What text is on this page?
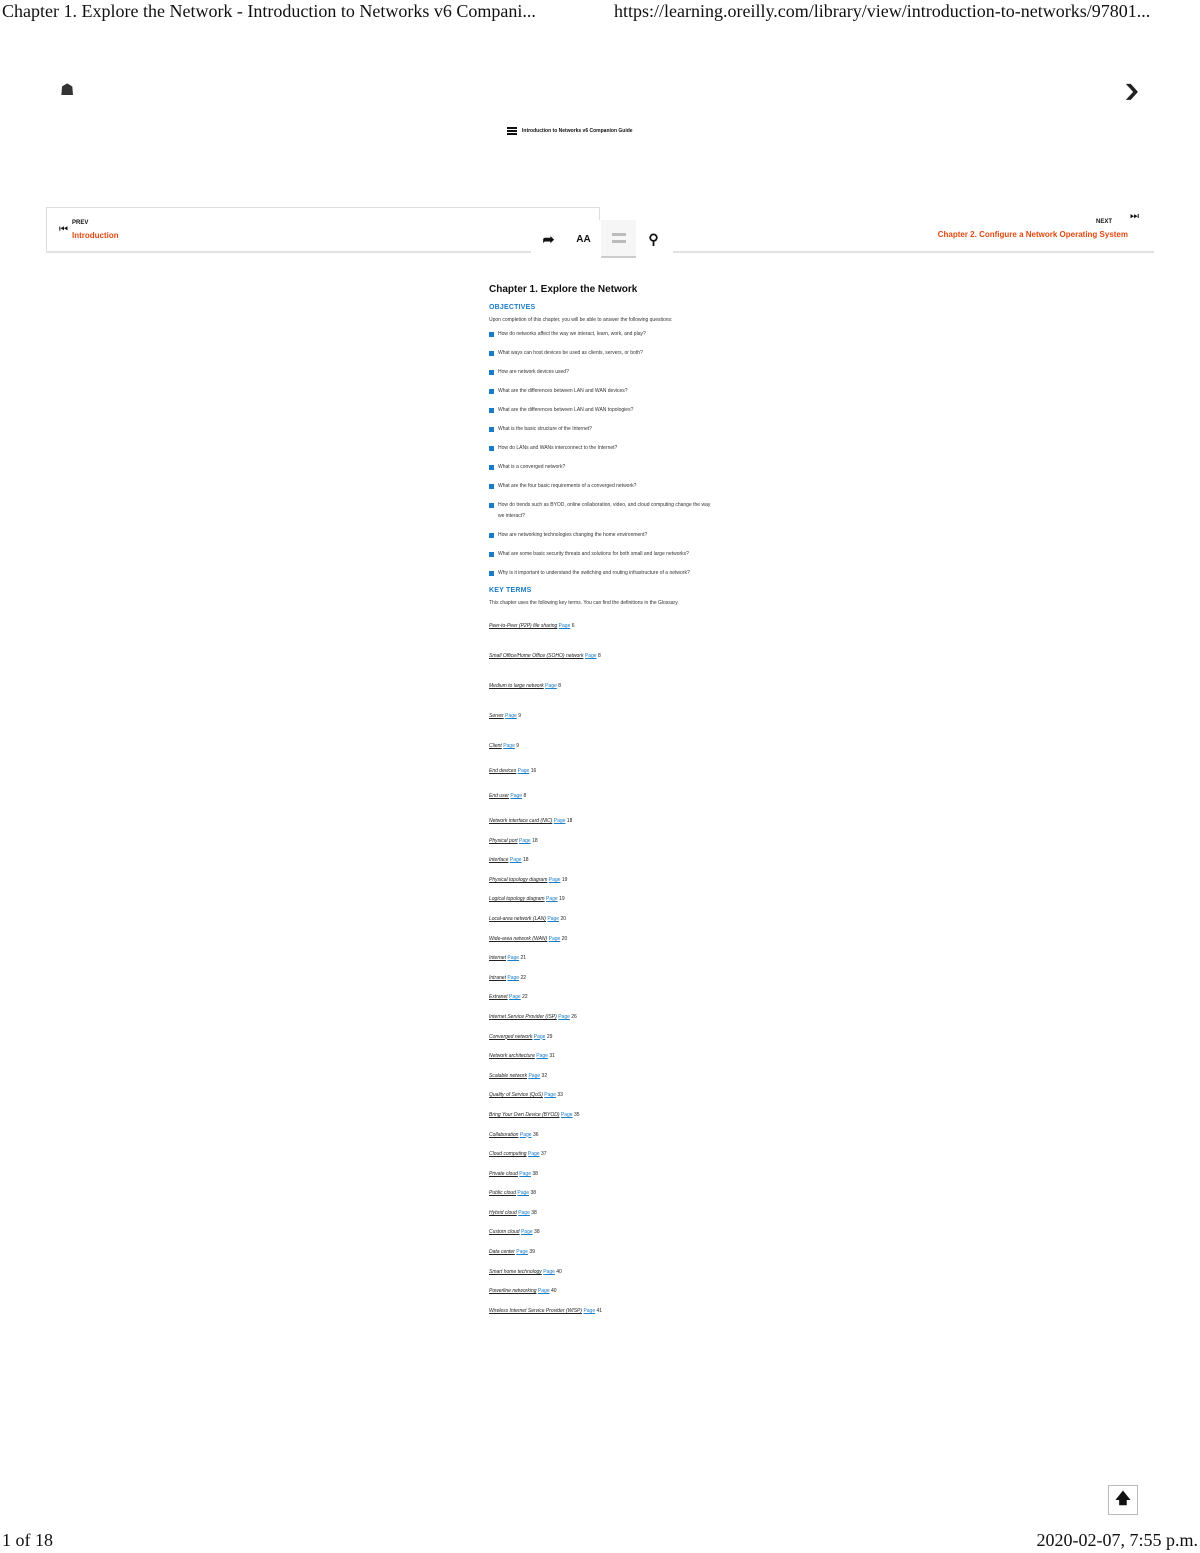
Chapter 1. Explore the Network - Introduction to Networks v6 Compani...	https://learning.oreilly.com/library/view/introduction-to-networks/97801...
☗	❯
Introduction to Networks v6 Companion Guide
⏮
PREV
Introduction
⏭
NEXT
Chapter 2. Configure a Network Operating System
➦	AA	⚲
Chapter 1. Explore the Network
OBJECTIVES
Upon completion of this chapter, you will be able to answer the following questions:
How do networks affect the way we interact, learn, work, and play?
What ways can host devices be used as clients, servers, or both?
How are network devices used?
What are the differences between LAN and WAN devices?
What are the differences between LAN and WAN topologies?
What is the basic structure of the Internet?
How do LANs and WANs interconnect to the Internet?
What is a converged network?
What are the four basic requirements of a converged network?
How do trends such as BYOD, online collaboration, video, and cloud computing change the way we interact?
How are networking technologies changing the home environment?
What are some basic security threats and solutions for both small and large networks?
Why is it important to understand the switching and routing infrastructure of a network?
KEY TERMS
This chapter uses the following key terms. You can find the definitions in the Glossary.
Peer-to-Peer (P2P) file sharing Page 6
Small Office/Home Office (SOHO) network Page 8
Medium to large network Page 8
Server Page 9
Client Page 9
End devices Page 16
End user Page 8
Network interface card (NIC) Page 18
Physical port Page 18
Interface Page 18
Physical topology diagram Page 19
Logical topology diagram Page 19
Local-area network (LAN) Page 20
Wide-area network (WAN) Page 20
Internet Page 21
Intranet Page 22
Extranet Page 22
Internet Service Provider (ISP) Page 26
Converged network Page 29
Network architecture Page 31
Scalable network Page 32
Quality of Service (QoS) Page 33
Bring Your Own Device (BYOD) Page 35
Collaboration Page 36
Cloud computing Page 37
Private cloud Page 38
Public cloud Page 38
Hybrid cloud Page 38
Custom cloud Page 38
Data center Page 39
Smart home technology Page 40
Powerline networking Page 40
Wireless Internet Service Provider (WISP) Page 41
🡅
1 of 18	2020-02-07, 7:55 p.m.
